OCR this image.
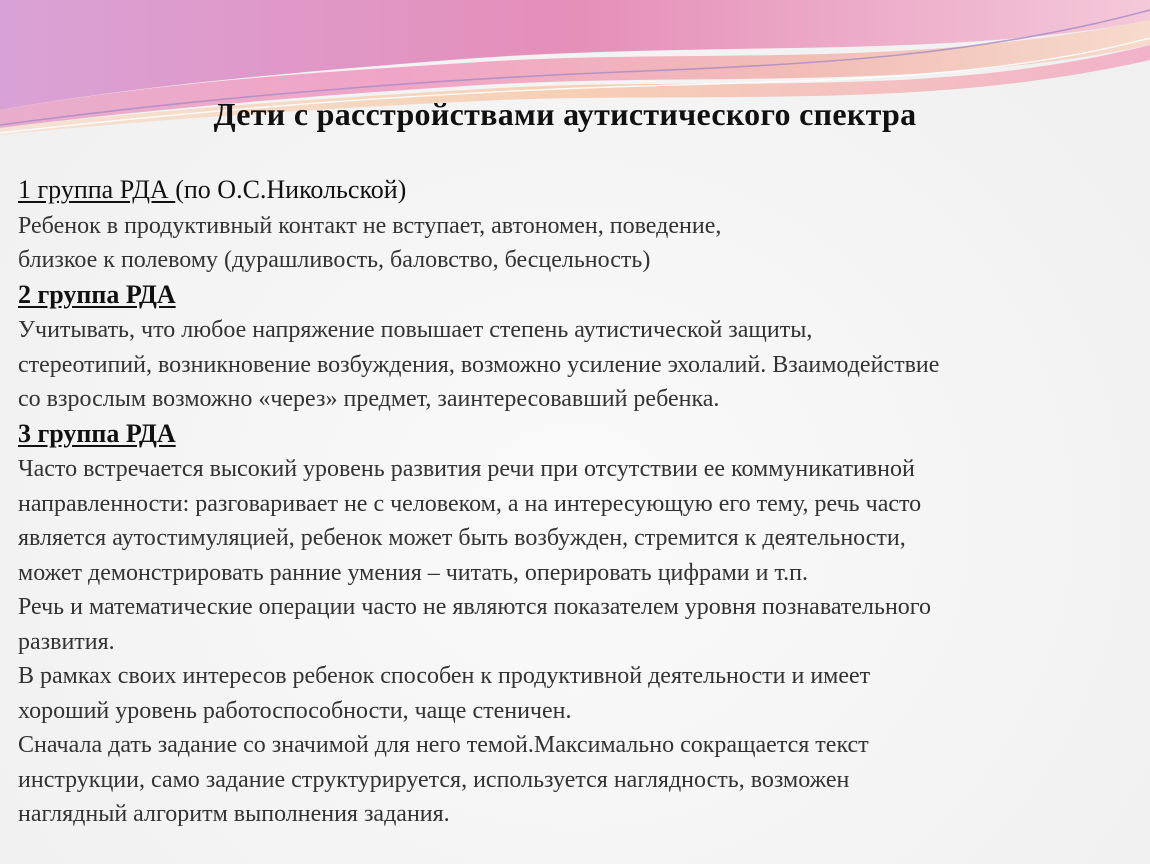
Дети с расстройствами аутистического спектра
1 группа РДА (по О.С.Никольской)
Ребенок в продуктивный контакт не вступает, автономен, поведение,
близкое к полевому (дурашливость, баловство, бесцельность)
2 группа РДА
Учитывать, что любое напряжение повышает степень аутистической защиты,
стереотипий, возникновение возбуждения, возможно усиление эхолалий. Взаимодействие
со взрослым возможно «через» предмет, заинтересовавший ребенка.
3 группа РДА
Часто встречается высокий уровень развития речи при отсутствии ее коммуникативной
направленности: разговаривает не с человеком, а на интересующую его тему, речь часто
является аутостимуляцией, ребенок может быть возбужден, стремится к деятельности,
может демонстрировать ранние умения – читать, оперировать цифрами и т.п.
Речь и математические операции часто не являются показателем уровня познавательного
развития.
В рамках своих интересов ребенок способен к продуктивной деятельности и имеет
хороший уровень работоспособности, чаще стеничен.
Сначала дать задание со значимой для него темой.Максимально сокращается текст
инструкции, само задание структурируется, используется наглядность, возможен
наглядный алгоритм выполнения задания.
